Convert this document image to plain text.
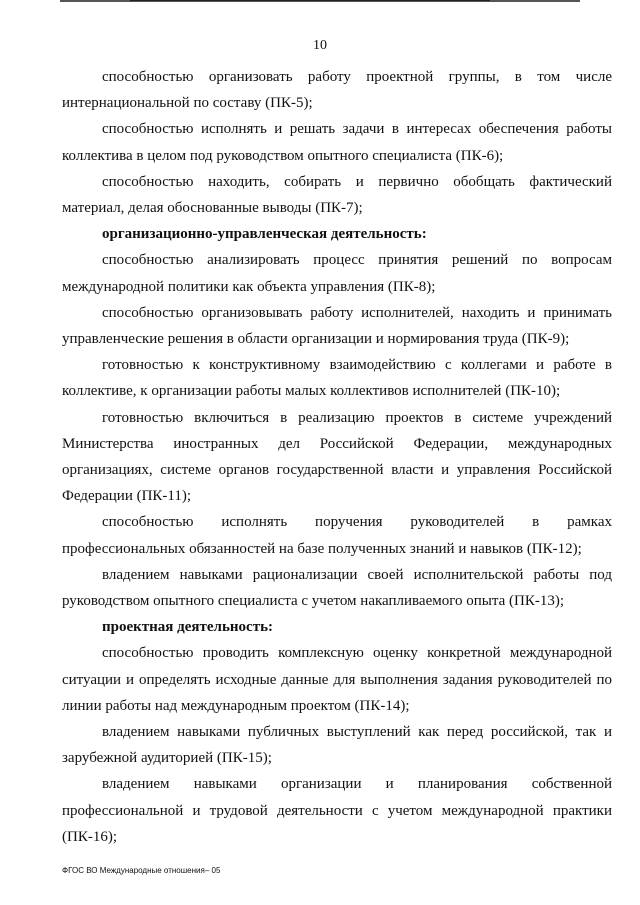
10

способностью организовать работу проектной группы, в том числе интернациональной по составу (ПК-5);

способностью исполнять и решать задачи в интересах обеспечения работы коллектива в целом под руководством опытного специалиста (ПК-6);

способностью находить, собирать и первично обобщать фактический материал, делая обоснованные выводы (ПК-7);

организационно-управленческая деятельность:

способностью анализировать процесс принятия решений по вопросам международной политики как объекта управления (ПК-8);

способностью организовывать работу исполнителей, находить и принимать управленческие решения в области организации и нормирования труда (ПК-9);

готовностью к конструктивному взаимодействию с коллегами и работе в коллективе, к организации работы малых коллективов исполнителей (ПК-10);

готовностью включиться в реализацию проектов в системе учреждений Министерства иностранных дел Российской Федерации, международных организациях, системе органов государственной власти и управления Российской Федерации (ПК-11);

способностью исполнять поручения руководителей в рамках профессиональных обязанностей на базе полученных знаний и навыков (ПК-12);

владением навыками рационализации своей исполнительской работы под руководством опытного специалиста с учетом накапливаемого опыта (ПК-13);

проектная деятельность:

способностью проводить комплексную оценку конкретной международной ситуации и определять исходные данные для выполнения задания руководителей по линии работы над международным проектом (ПК-14);

владением навыками публичных выступлений как перед российской, так и зарубежной аудиторией (ПК-15);

владением навыками организации и планирования собственной профессиональной и трудовой деятельности с учетом международной практики (ПК-16);

ФГОС ВО Международные отношения– 05
